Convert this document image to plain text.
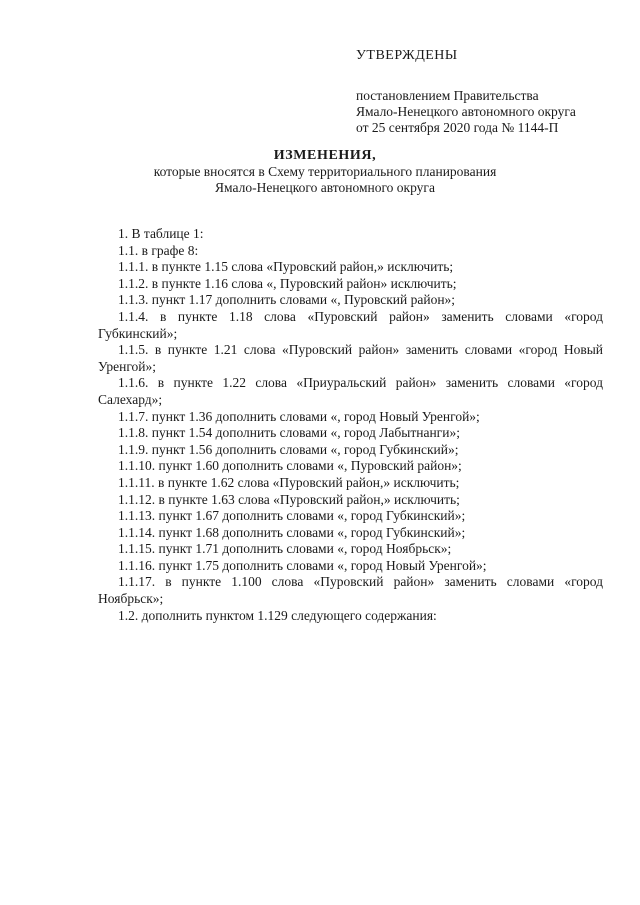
УТВЕРЖДЕНЫ
постановлением Правительства
Ямало-Ненецкого автономного округа
от 25 сентября 2020 года № 1144-П
ИЗМЕНЕНИЯ,
которые вносятся в Схему территориального планирования
Ямало-Ненецкого автономного округа
1. В таблице 1:
1.1. в графе 8:
1.1.1. в пункте 1.15 слова «Пуровский район,» исключить;
1.1.2. в пункте 1.16 слова «, Пуровский район» исключить;
1.1.3. пункт 1.17 дополнить словами «, Пуровский район»;
1.1.4. в пункте 1.18 слова «Пуровский район» заменить словами «город Губкинский»;
1.1.5. в пункте 1.21 слова «Пуровский район» заменить словами «город Новый Уренгой»;
1.1.6. в пункте 1.22 слова «Приуральский район» заменить словами «город Салехард»;
1.1.7. пункт 1.36 дополнить словами «, город Новый Уренгой»;
1.1.8. пункт 1.54 дополнить словами «, город Лабытнанги»;
1.1.9. пункт 1.56 дополнить словами «, город Губкинский»;
1.1.10. пункт 1.60 дополнить словами «, Пуровский район»;
1.1.11. в пункте 1.62 слова «Пуровский район,» исключить;
1.1.12. в пункте 1.63 слова «Пуровский район,» исключить;
1.1.13. пункт 1.67 дополнить словами «, город Губкинский»;
1.1.14. пункт 1.68 дополнить словами «, город Губкинский»;
1.1.15. пункт 1.71 дополнить словами «, город Ноябрьск»;
1.1.16. пункт 1.75 дополнить словами «, город Новый Уренгой»;
1.1.17. в пункте 1.100 слова «Пуровский район» заменить словами «город Ноябрьск»;
1.2. дополнить пунктом 1.129 следующего содержания:
